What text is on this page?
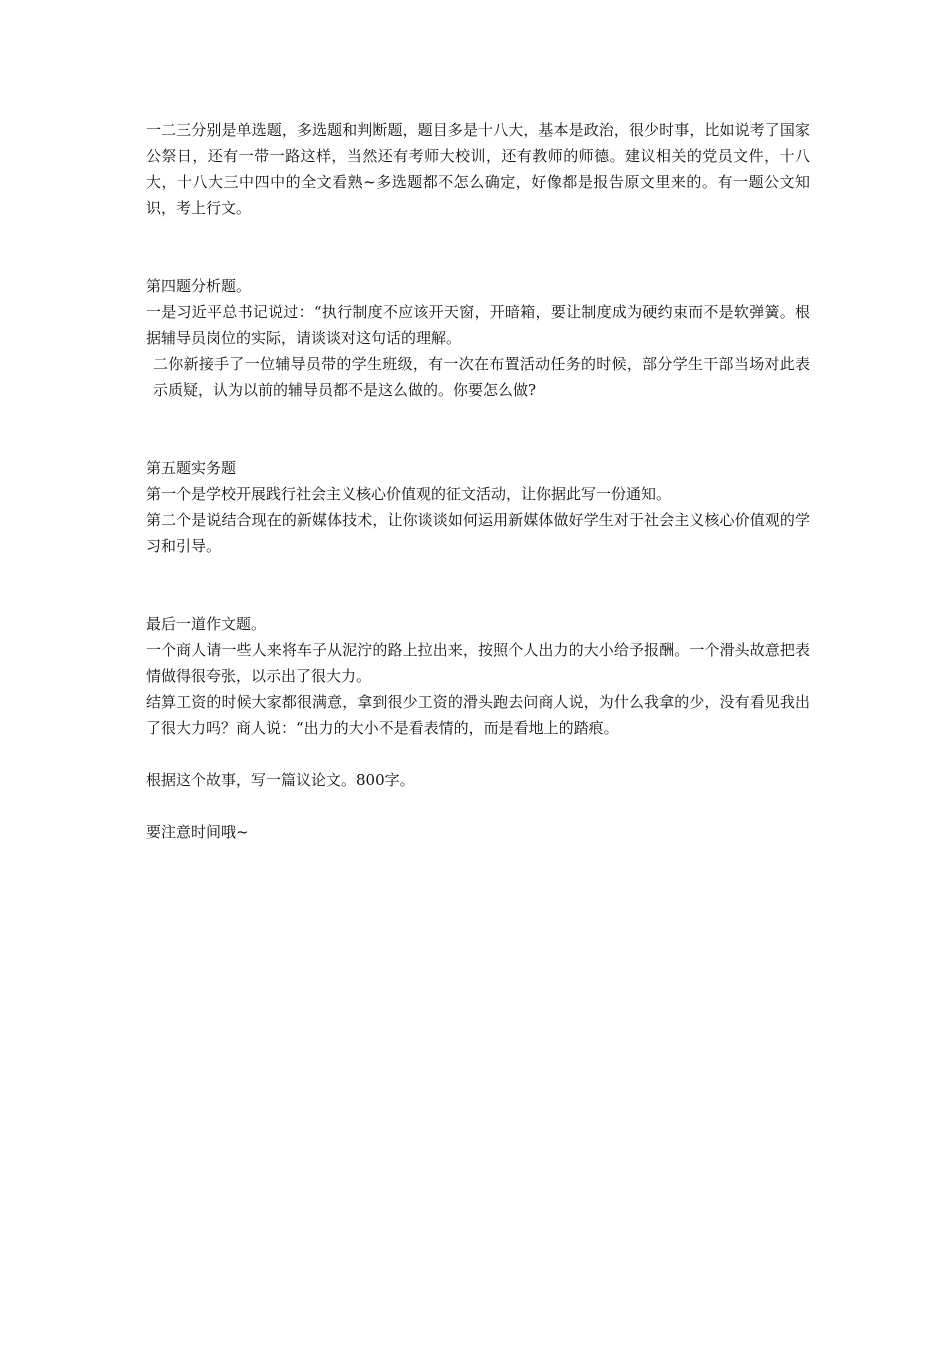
一二三分别是单选题，多选题和判断题，题目多是十八大，基本是政治，很少时事，比如说考了国家公祭日，还有一带一路这样，当然还有考师大校训，还有教师的师德。建议相关的党员文件，十八大，十八大三中四中的全文看熟~多选题都不怎么确定，好像都是报告原文里来的。有一题公文知识，考上行文。

第四题分析题。

一是习近平总书记说过：“执行制度不应该开天窗，开暗箱，要让制度成为硬约束而不是软弹簧。根据辅导员岗位的实际，请谈谈对这句话的理解。

二你新接手了一位辅导员带的学生班级，有一次在布置活动任务的时候，部分学生干部当场对此表示质疑，认为以前的辅导员都不是这么做的。你要怎么做?

第五题实务题

第一个是学校开展践行社会主义核心价值观的征文活动，让你据此写一份通知。

第二个是说结合现在的新媒体技术，让你谈谈如何运用新媒体做好学生对于社会主义核心价值观的学习和引导。

最后一道作文题。

一个商人请一些人来将车子从泥泞的路上拉出来，按照个人出力的大小给予报酬。一个滑头故意把表情做得很夸张，以示出了很大力。

结算工资的时候大家都很满意，拿到很少工资的滑头跑去问商人说，为什么我拿的少，没有看见我出了很大力吗？商人说：“出力的大小不是看表情的，而是看地上的踏痕。

根据这个故事，写一篇议论文。800字。

要注意时间哦~
